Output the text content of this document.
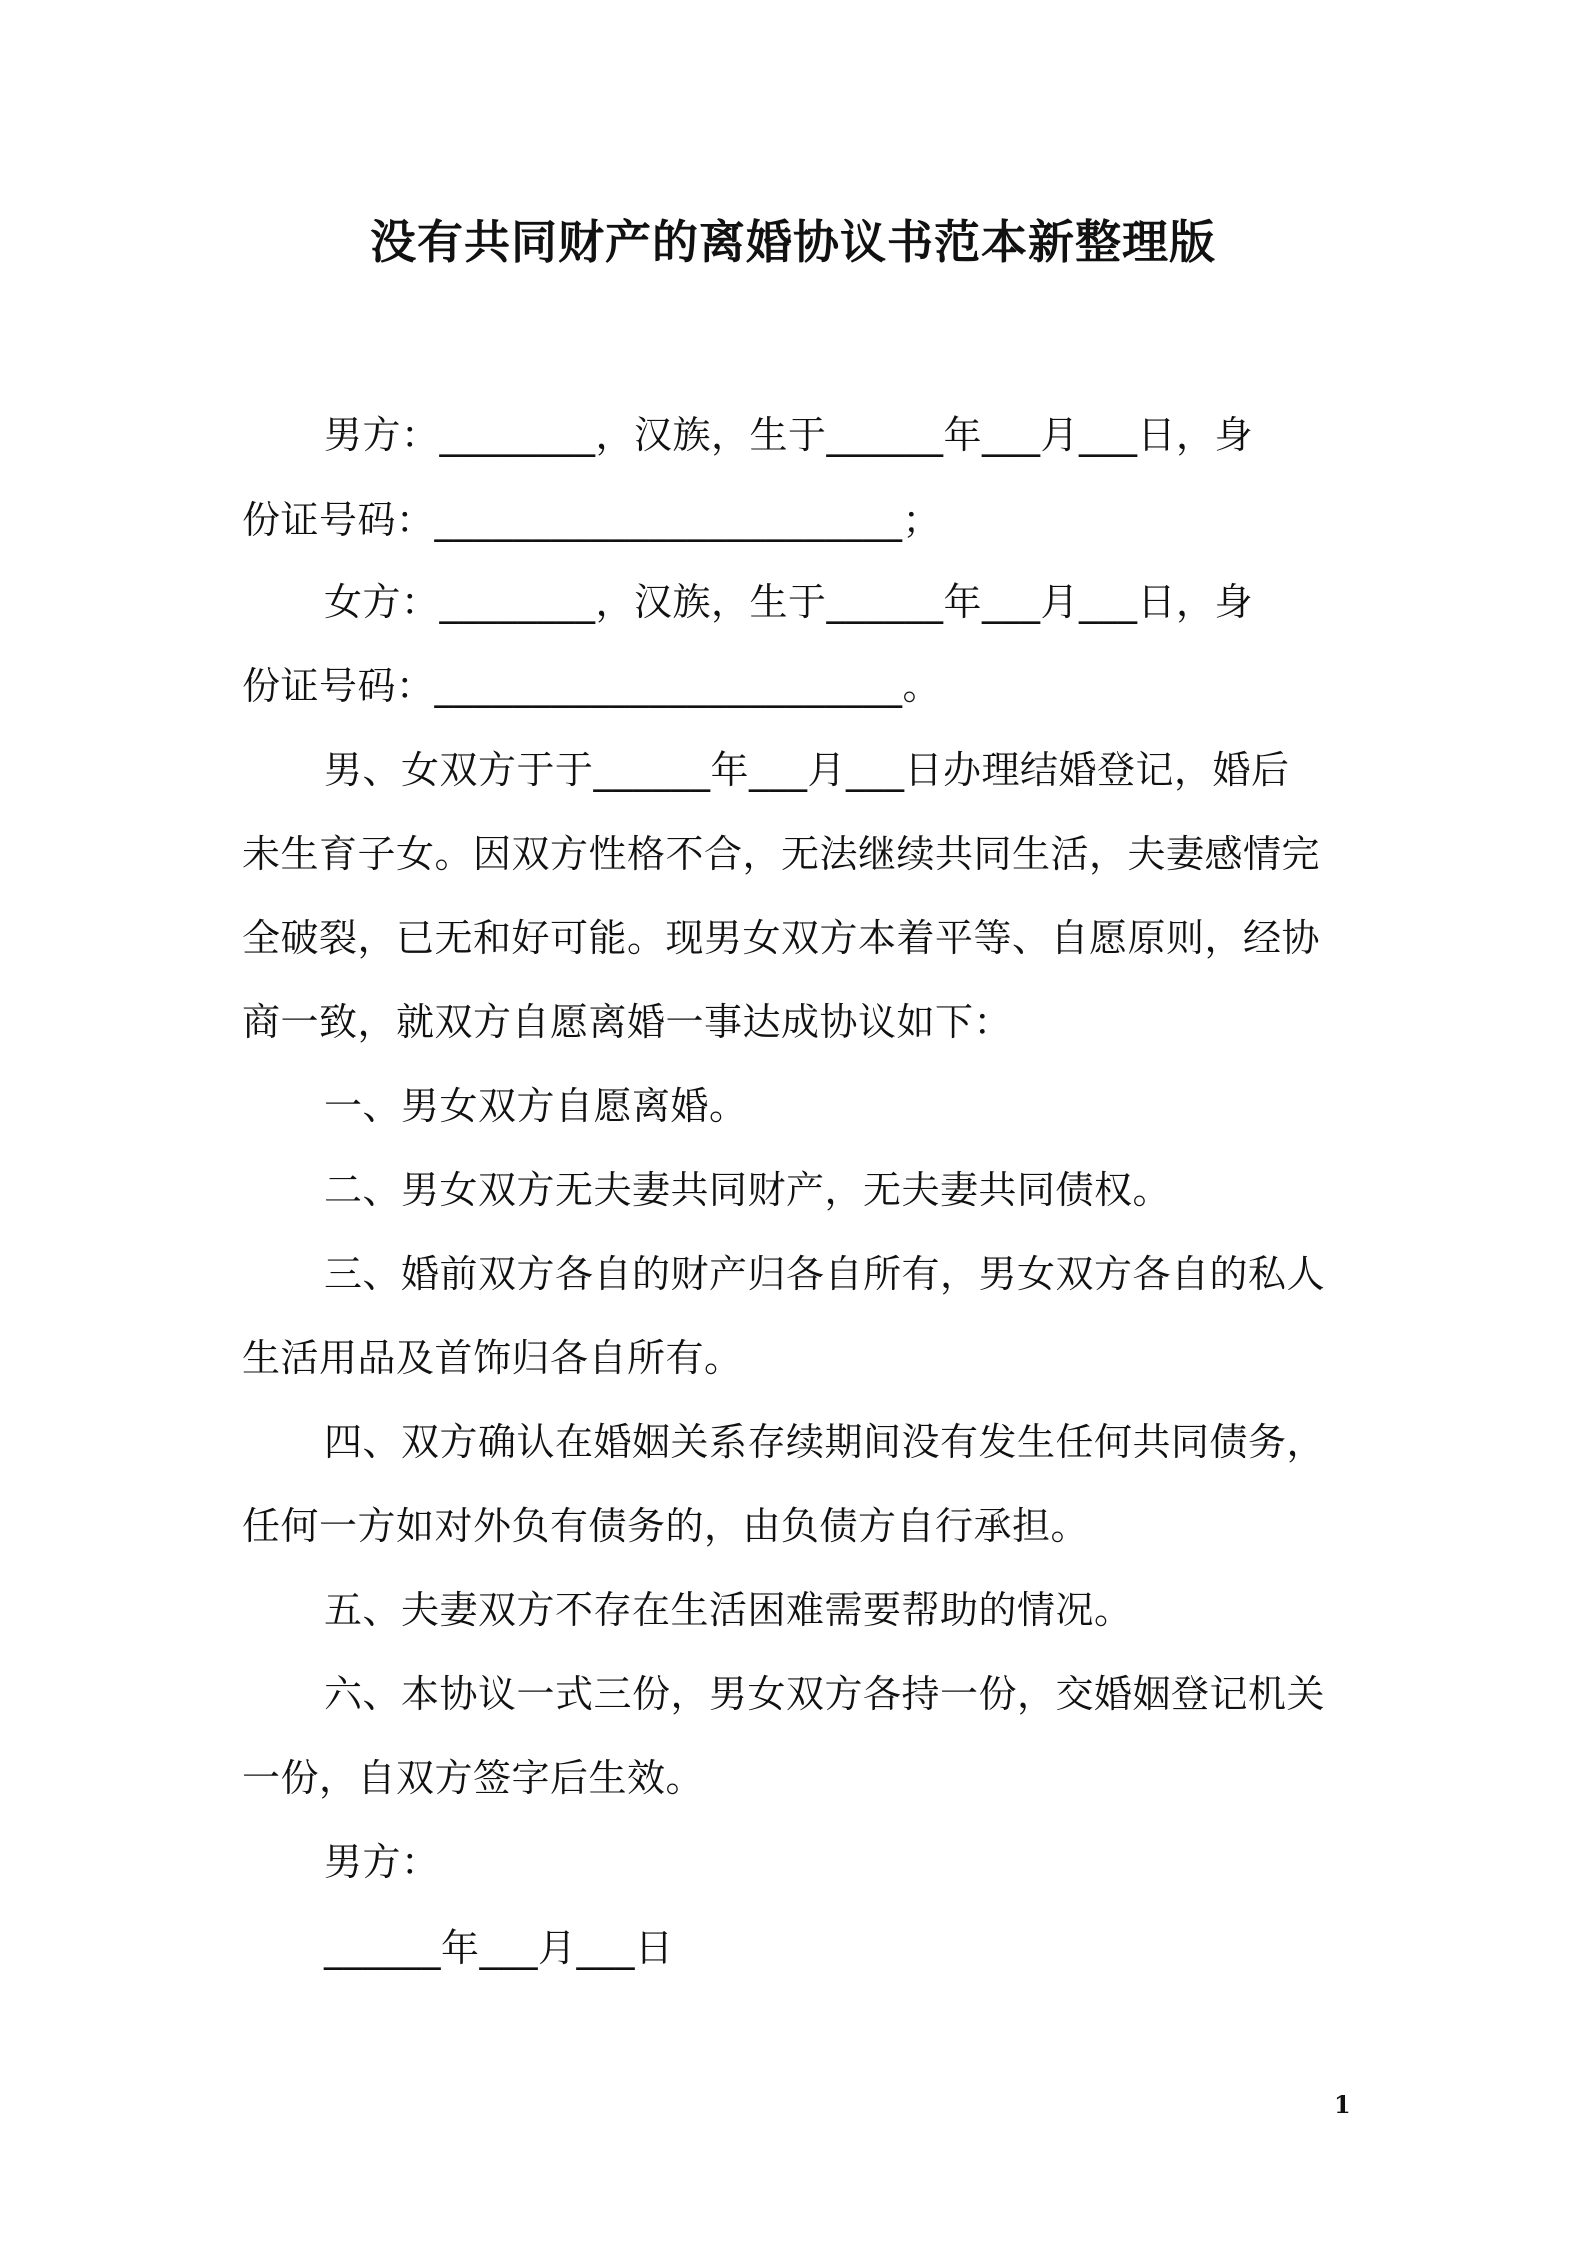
没有共同财产的离婚协议书范本新整理版
男方：________，汉族，生于______年___月___日，身
份证号码：________________________；
女方：________，汉族，生于______年___月___日，身
份证号码：________________________。
男、女双方于于______年___月___日办理结婚登记，婚后
未生育子女。因双方性格不合，无法继续共同生活，夫妻感情完
全破裂，已无和好可能。现男女双方本着平等、自愿原则，经协
商一致，就双方自愿离婚一事达成协议如下：
一、男女双方自愿离婚。
二、男女双方无夫妻共同财产，无夫妻共同债权。
三、婚前双方各自的财产归各自所有，男女双方各自的私人
生活用品及首饰归各自所有。
四、双方确认在婚姻关系存续期间没有发生任何共同债务，
任何一方如对外负有债务的，由负债方自行承担。
五、夫妻双方不存在生活困难需要帮助的情况。
六、本协议一式三份，男女双方各持一份，交婚姻登记机关
一份，自双方签字后生效。
男方：
______年___月___日
1
